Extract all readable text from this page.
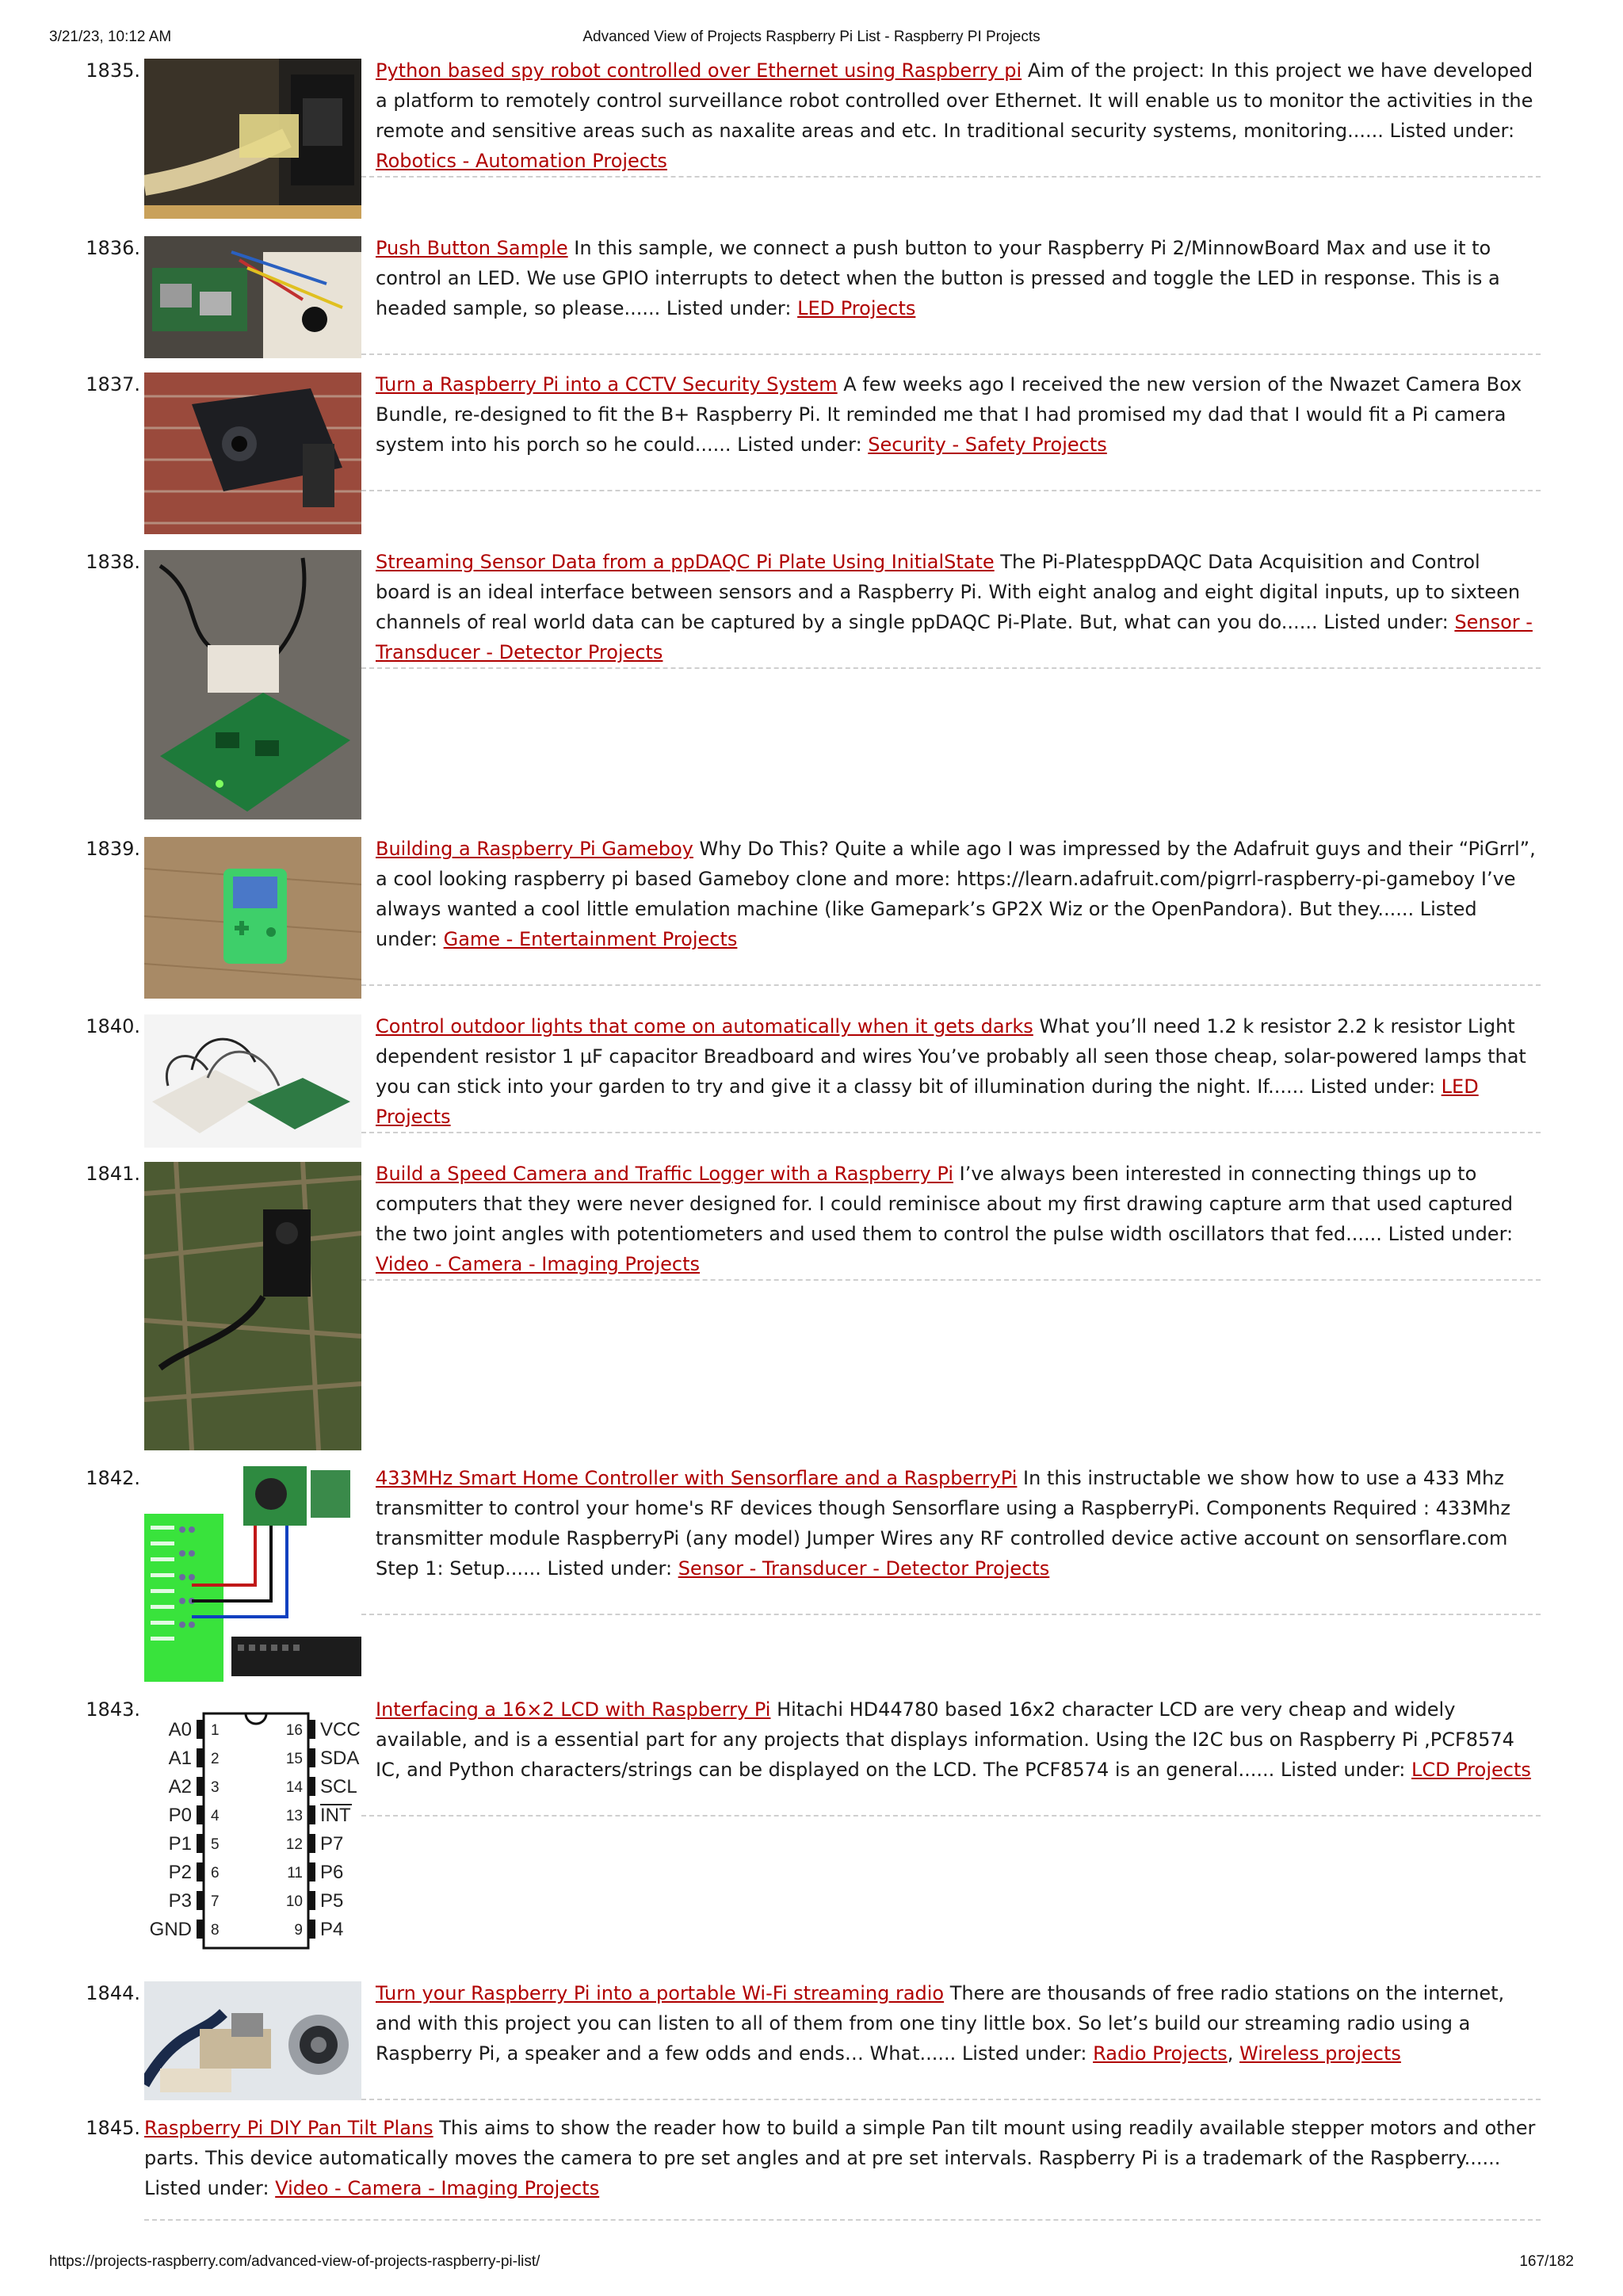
3/21/23, 10:12 AM	Advanced View of Projects Raspberry Pi List - Raspberry PI Projects
1835.	Python based spy robot controlled over Ethernet using Raspberry pi Aim of the project: In this project we have developed a platform to remotely control surveillance robot controlled over Ethernet. It will enable us to monitor the activities in the remote and sensitive areas such as naxalite areas and etc. In traditional security systems, monitoring...... Listed under: Robotics - Automation Projects
1836.	Push Button Sample In this sample, we connect a push button to your Raspberry Pi 2/MinnowBoard Max and use it to control an LED. We use GPIO interrupts to detect when the button is pressed and toggle the LED in response. This is a headed sample, so please...... Listed under: LED Projects
1837.	Turn a Raspberry Pi into a CCTV Security System A few weeks ago I received the new version of the Nwazet Camera Box Bundle, re-designed to fit the B+ Raspberry Pi. It reminded me that I had promised my dad that I would fit a Pi camera system into his porch so he could...... Listed under: Security - Safety Projects
1838.	Streaming Sensor Data from a ppDAQC Pi Plate Using InitialState The Pi-PlatesppDAQC Data Acquisition and Control board is an ideal interface between sensors and a Raspberry Pi. With eight analog and eight digital inputs, up to sixteen channels of real world data can be captured by a single ppDAQC Pi-Plate. But, what can you do...... Listed under: Sensor - Transducer - Detector Projects
1839.	Building a Raspberry Pi Gameboy Why Do This? Quite a while ago I was impressed by the Adafruit guys and their “PiGrrl”, a cool looking raspberry pi based Gameboy clone and more: https://learn.adafruit.com/pigrrl-raspberry-pi-gameboy I’ve always wanted a cool little emulation machine (like Gamepark’s GP2X Wiz or the OpenPandora). But they...... Listed under: Game - Entertainment Projects
1840.	Control outdoor lights that come on automatically when it gets darks What you’ll need 1.2 k resistor 2.2 k resistor Light dependent resistor 1 µF capacitor Breadboard and wires You’ve probably all seen those cheap, solar-powered lamps that you can stick into your garden to try and give it a classy bit of illumination during the night. If...... Listed under: LED Projects
1841.	Build a Speed Camera and Traffic Logger with a Raspberry Pi I’ve always been interested in connecting things up to computers that they were never designed for. I could reminisce about my first drawing capture arm that used captured the two joint angles with potentiometers and used them to control the pulse width oscillators that fed...... Listed under: Video - Camera - Imaging Projects
1842.	433MHz Smart Home Controller with Sensorflare and a RaspberryPi In this instructable we show how to use a 433 Mhz transmitter to control your home's RF devices though Sensorflare using a RaspberryPi. Components Required : 433Mhz transmitter module RaspberryPi (any model) Jumper Wires any RF controlled device active account on sensorflare.com Step 1: Setup...... Listed under: Sensor - Transducer - Detector Projects
1843.
A0 1	16 VCC
A1 2	15 SDA
A2 3	14 SCL
P0 4	13 INT
P1 5	12 P7
P2 6	11 P6
P3 7	10 P5
GND 8	9 P4
Interfacing a 16×2 LCD with Raspberry Pi Hitachi HD44780 based 16x2 character LCD are very cheap and widely available, and is a essential part for any projects that displays information. Using the I2C bus on Raspberry Pi ,PCF8574 IC, and Python characters/strings can be displayed on the LCD. The PCF8574 is an general...... Listed under: LCD Projects
1844.	Turn your Raspberry Pi into a portable Wi-Fi streaming radio There are thousands of free radio stations on the internet, and with this project you can listen to all of them from one tiny little box. So let’s build our streaming radio using a Raspberry Pi, a speaker and a few odds and ends… What...... Listed under: Radio Projects, Wireless projects
1845. Raspberry Pi DIY Pan Tilt Plans This aims to show the reader how to build a simple Pan tilt mount using readily available stepper motors and other parts. This device automatically moves the camera to pre set angles and at pre set intervals. Raspberry Pi is a trademark of the Raspberry...... Listed under: Video - Camera - Imaging Projects
https://projects-raspberry.com/advanced-view-of-projects-raspberry-pi-list/	167/182
